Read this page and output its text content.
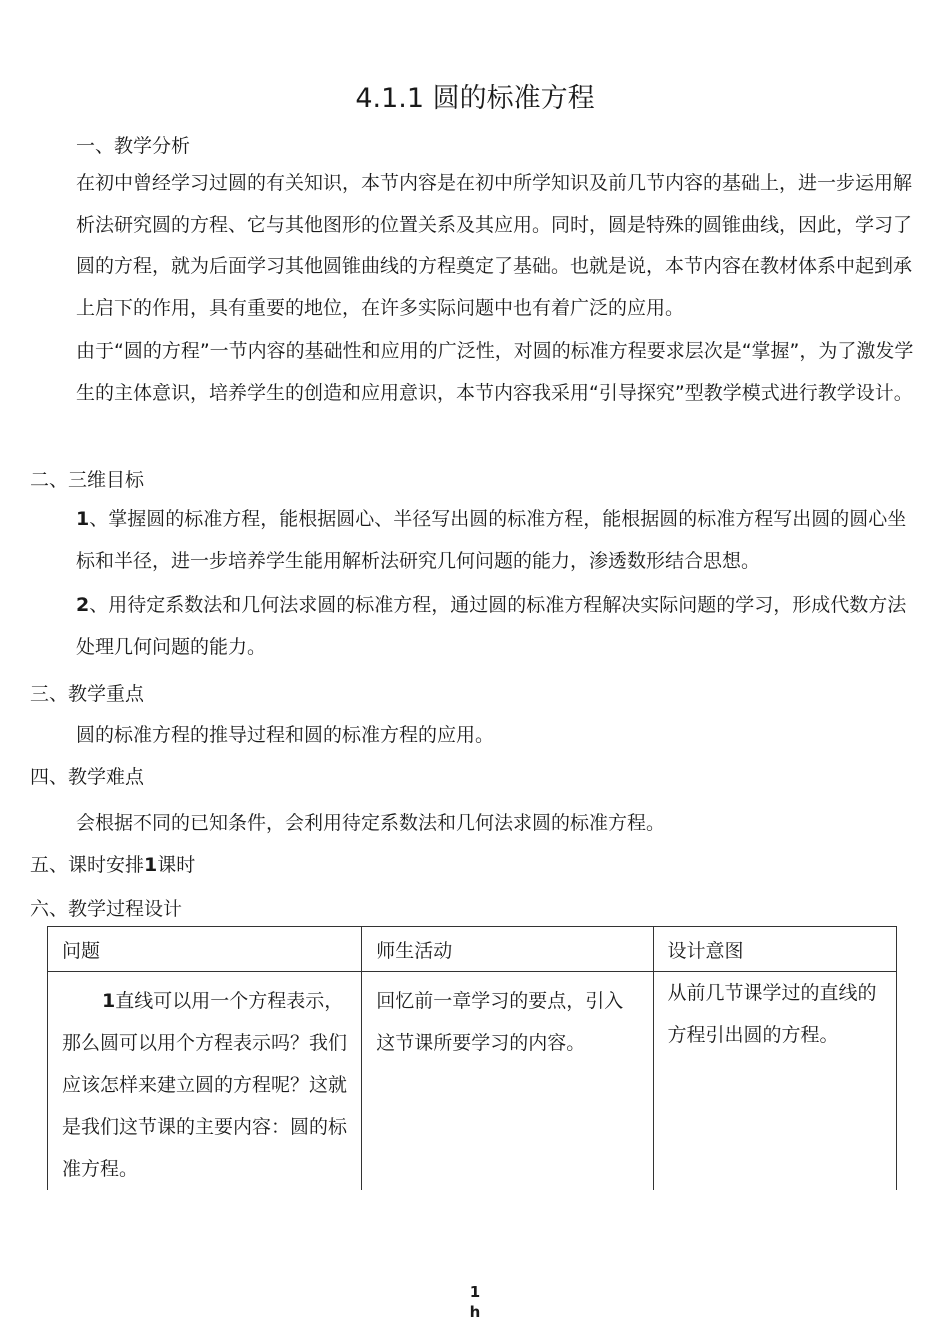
4.1.1 圆的标准方程
一、教学分析

在初中曾经学习过圆的有关知识，本节内容是在初中所学知识及前几节内容的基础上，进一步运用解析法研究圆的方程、它与其他图形的位置关系及其应用。同时，圆是特殊的圆锥曲线，因此，学习了圆的方程，就为后面学习其他圆锥曲线的方程奠定了基础。也就是说，本节内容在教材体系中起到承上启下的作用，具有重要的地位，在许多实际问题中也有着广泛的应用。

由于“圆的方程”一节内容的基础性和应用的广泛性，对圆的标准方程要求层次是“掌握”，为了激发学生的主体意识，培养学生的创造和应用意识，本节内容我采用“引导探究”型教学模式进行教学设计。

二、三维目标

1、掌握圆的标准方程，能根据圆心、半径写出圆的标准方程，能根据圆的标准方程写出圆的圆心坐标和半径，进一步培养学生能用解析法研究几何问题的能力，渗透数形结合思想。

2、用待定系数法和几何法求圆的标准方程，通过圆的标准方程解决实际问题的学习，形成代数方法处理几何问题的能力。

三、教学重点
圆的标准方程的推导过程和圆的标准方程的应用。
四、教学难点
会根据不同的已知条件，会利用待定系数法和几何法求圆的标准方程。
五、课时安排1课时
六、教学过程设计
问题	师生活动	设计意图
1直线可以用一个方程表示，那么圆可以用个方程表示吗？我们应该怎样来建立圆的方程呢？这就是我们这节课的主要内容：圆的标准方程。	回忆前一章学习的要点，引入这节课所要学习的内容。	从前几节课学过的直线的方程引出圆的方程。
1
h
